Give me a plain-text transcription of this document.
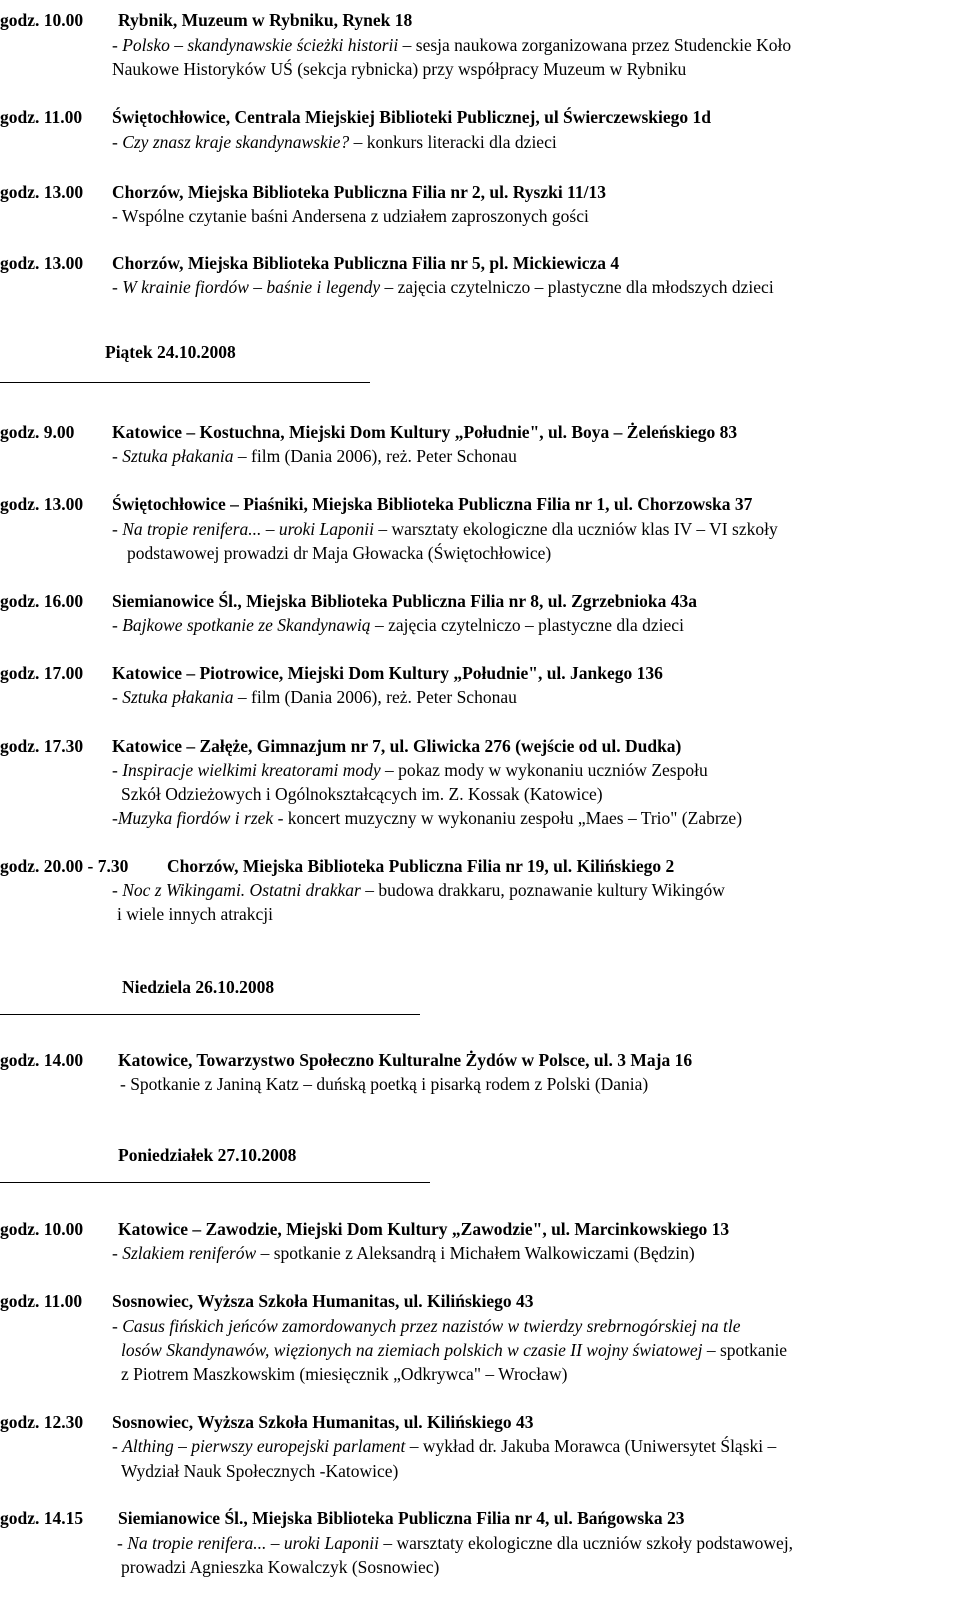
godz. 10.00 Rybnik, Muzeum w Rybniku, Rynek 18
- Polsko – skandynawskie ścieżki historii – sesja naukowa zorganizowana przez Studenckie Koło
Naukowe Historyków UŚ (sekcja rybnicka) przy współpracy Muzeum w Rybniku
godz. 11.00 Świętochłowice, Centrala Miejskiej Biblioteki Publicznej, ul Świerczewskiego 1d
- Czy znasz kraje skandynawskie? – konkurs literacki dla dzieci
godz. 13.00 Chorzów, Miejska Biblioteka Publiczna Filia nr 2, ul. Ryszki 11/13
- Wspólne czytanie baśni Andersena z udziałem zaproszonych gości
godz. 13.00 Chorzów, Miejska Biblioteka Publiczna Filia nr 5, pl. Mickiewicza 4
- W krainie fiordów – baśnie i legendy – zajęcia czytelniczo – plastyczne dla młodszych dzieci
Piątek 24.10.2008
godz. 9.00 Katowice – Kostuchna, Miejski Dom Kultury „Południe", ul. Boya – Żeleńskiego 83
- Sztuka płakania – film (Dania 2006), reż. Peter Schonau
godz. 13.00 Świętochłowice – Piaśniki, Miejska Biblioteka Publiczna Filia nr 1, ul. Chorzowska 37
- Na tropie renifera... – uroki Laponii – warsztaty ekologiczne dla uczniów klas IV – VI szkoły
podstawowej prowadzi dr Maja Głowacka (Świętochłowice)
godz. 16.00 Siemianowice Śl., Miejska Biblioteka Publiczna Filia nr 8, ul. Zgrzebnioka 43a
- Bajkowe spotkanie ze Skandynawią – zajęcia czytelniczo – plastyczne dla dzieci
godz. 17.00 Katowice – Piotrowice, Miejski Dom Kultury „Południe", ul. Jankego 136
- Sztuka płakania – film (Dania 2006), reż. Peter Schonau
godz. 17.30 Katowice – Załęże, Gimnazjum nr 7, ul. Gliwicka 276 (wejście od ul. Dudka)
- Inspiracje wielkimi kreatorami mody – pokaz mody w wykonaniu uczniów Zespołu
Szkół Odzieżowych i Ogólnokształcących im. Z. Kossak (Katowice)
-Muzyka fiordów i rzek - koncert muzyczny w wykonaniu zespołu „Maes – Trio" (Zabrze)
godz. 20.00 - 7.30 Chorzów, Miejska Biblioteka Publiczna Filia nr 19, ul. Kilińskiego 2
- Noc z Wikingami. Ostatni drakkar – budowa drakkaru, poznawanie kultury Wikingów
i wiele innych atrakcji
Niedziela 26.10.2008
godz. 14.00 Katowice, Towarzystwo Społeczno Kulturalne Żydów w Polsce, ul. 3 Maja 16
- Spotkanie z Janiną Katz – duńską poetką i pisarką rodem z Polski (Dania)
Poniedziałek 27.10.2008
godz. 10.00 Katowice – Zawodzie, Miejski Dom Kultury „Zawodzie", ul. Marcinkowskiego 13
- Szlakiem reniferów – spotkanie z Aleksandrą i Michałem Walkowiczami (Będzin)
godz. 11.00 Sosnowiec, Wyższa Szkoła Humanitas, ul. Kilińskiego 43
- Casus fińskich jeńców zamordowanych przez nazistów w twierdzy srebrnogórskiej na tle
losów Skandynawów, więzionych na ziemiach polskich w czasie II wojny światowej – spotkanie
z Piotrem Maszkowskim (miesięcznik „Odkrywca" – Wrocław)
godz. 12.30 Sosnowiec, Wyższa Szkoła Humanitas, ul. Kilińskiego 43
- Althing – pierwszy europejski parlament – wykład dr. Jakuba Morawca (Uniwersytet Śląski –
Wydział Nauk Społecznych -Katowice)
godz. 14.15 Siemianowice Śl., Miejska Biblioteka Publiczna Filia nr 4, ul. Bańgowska 23
- Na tropie renifera... – uroki Laponii – warsztaty ekologiczne dla uczniów szkoły podstawowej,
prowadzi Agnieszka Kowalczyk (Sosnowiec)
